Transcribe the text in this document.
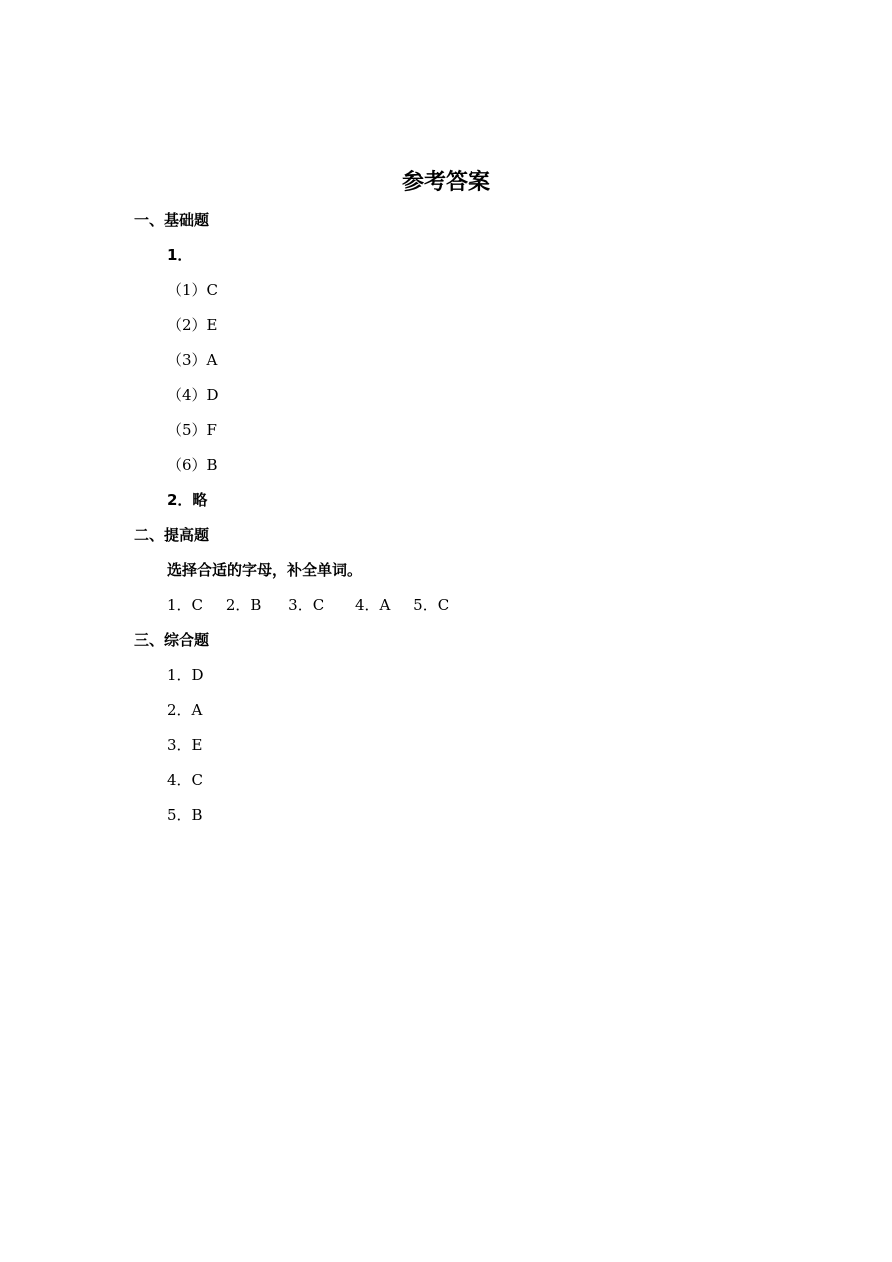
参考答案
一、基础题
1．
（1）C
（2）E
（3）A
（4）D
（5）F
（6）B
2．略
二、提高题
选择合适的字母，补全单词。
1．C 2．B 3．C 4．A 5．C
三、综合题
1．D
2．A
3．E
4．C
5．B
